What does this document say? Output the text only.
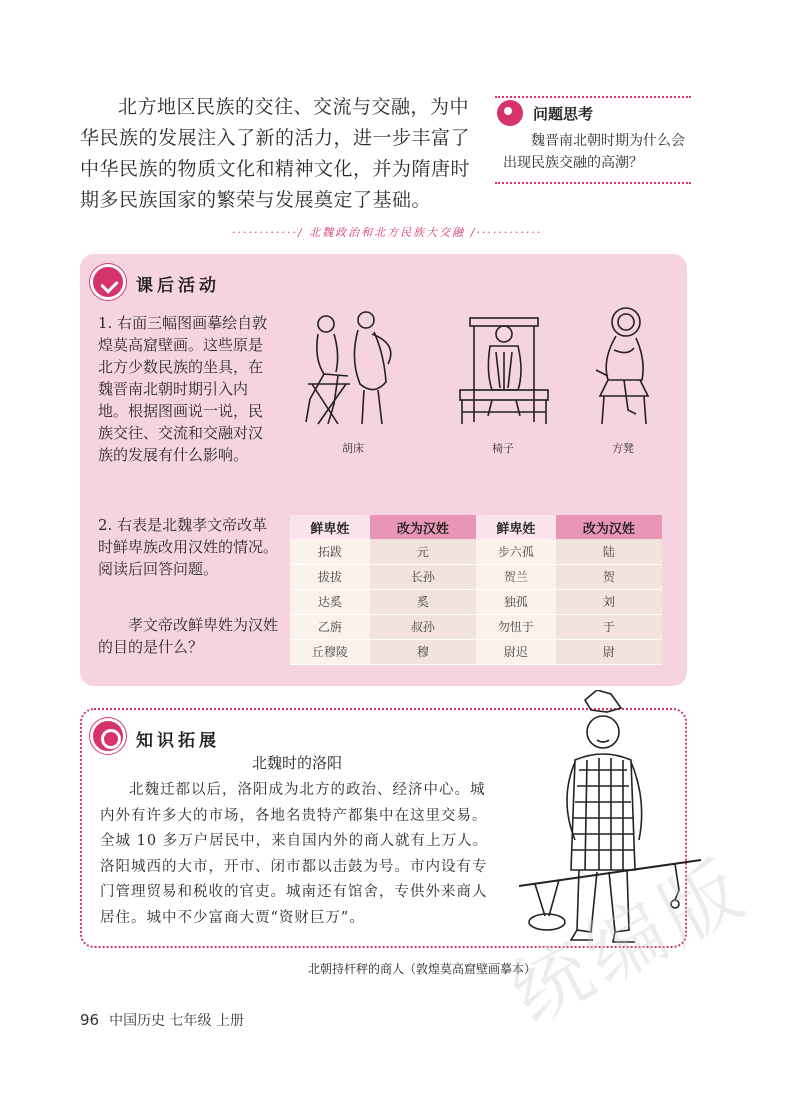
北方地区民族的交往、交流与交融，为中华民族的发展注入了新的活力，进一步丰富了中华民族的物质文化和精神文化，并为隋唐时期多民族国家的繁荣与发展奠定了基础。

问题思考
魏晋南北朝时期为什么会出现民族交融的高潮？
············/ 北魏政治和北方民族大交融 /············
课后活动

1. 右面三幅图画摹绘自敦煌莫高窟壁画。这些原是北方少数民族的坐具，在魏晋南北朝时期引入内地。根据图画说一说，民族交往、交流和交融对汉族的发展有什么影响。	胡床	椅子	方凳

2. 右表是北魏孝文帝改革时鲜卑族改用汉姓的情况。阅读后回答问题。

孝文帝改鲜卑姓为汉姓的目的是什么？

鲜卑姓	改为汉姓	鲜卑姓	改为汉姓
拓跋	元	步六孤	陆
拔拔	长孙	贺兰	贺
达奚	奚	独孤	刘
乙旃	叔孙	勿忸于	于
丘穆陵	穆	尉迟	尉
知识拓展
北魏时的洛阳

北魏迁都以后，洛阳成为北方的政治、经济中心。城内外有许多大的市场，各地名贵特产都集中在这里交易。全城 10 多万户居民中，来自国内外的商人就有上万人。洛阳城西的大市，开市、闭市都以击鼓为号。市内设有专门管理贸易和税收的官吏。城南还有馆舍，专供外来商人居住。城中不少富商大贾“资财巨万”。

北朝持杆秤的商人（敦煌莫高窟壁画摹本）
统编版
96 中国历史 七年级 上册
